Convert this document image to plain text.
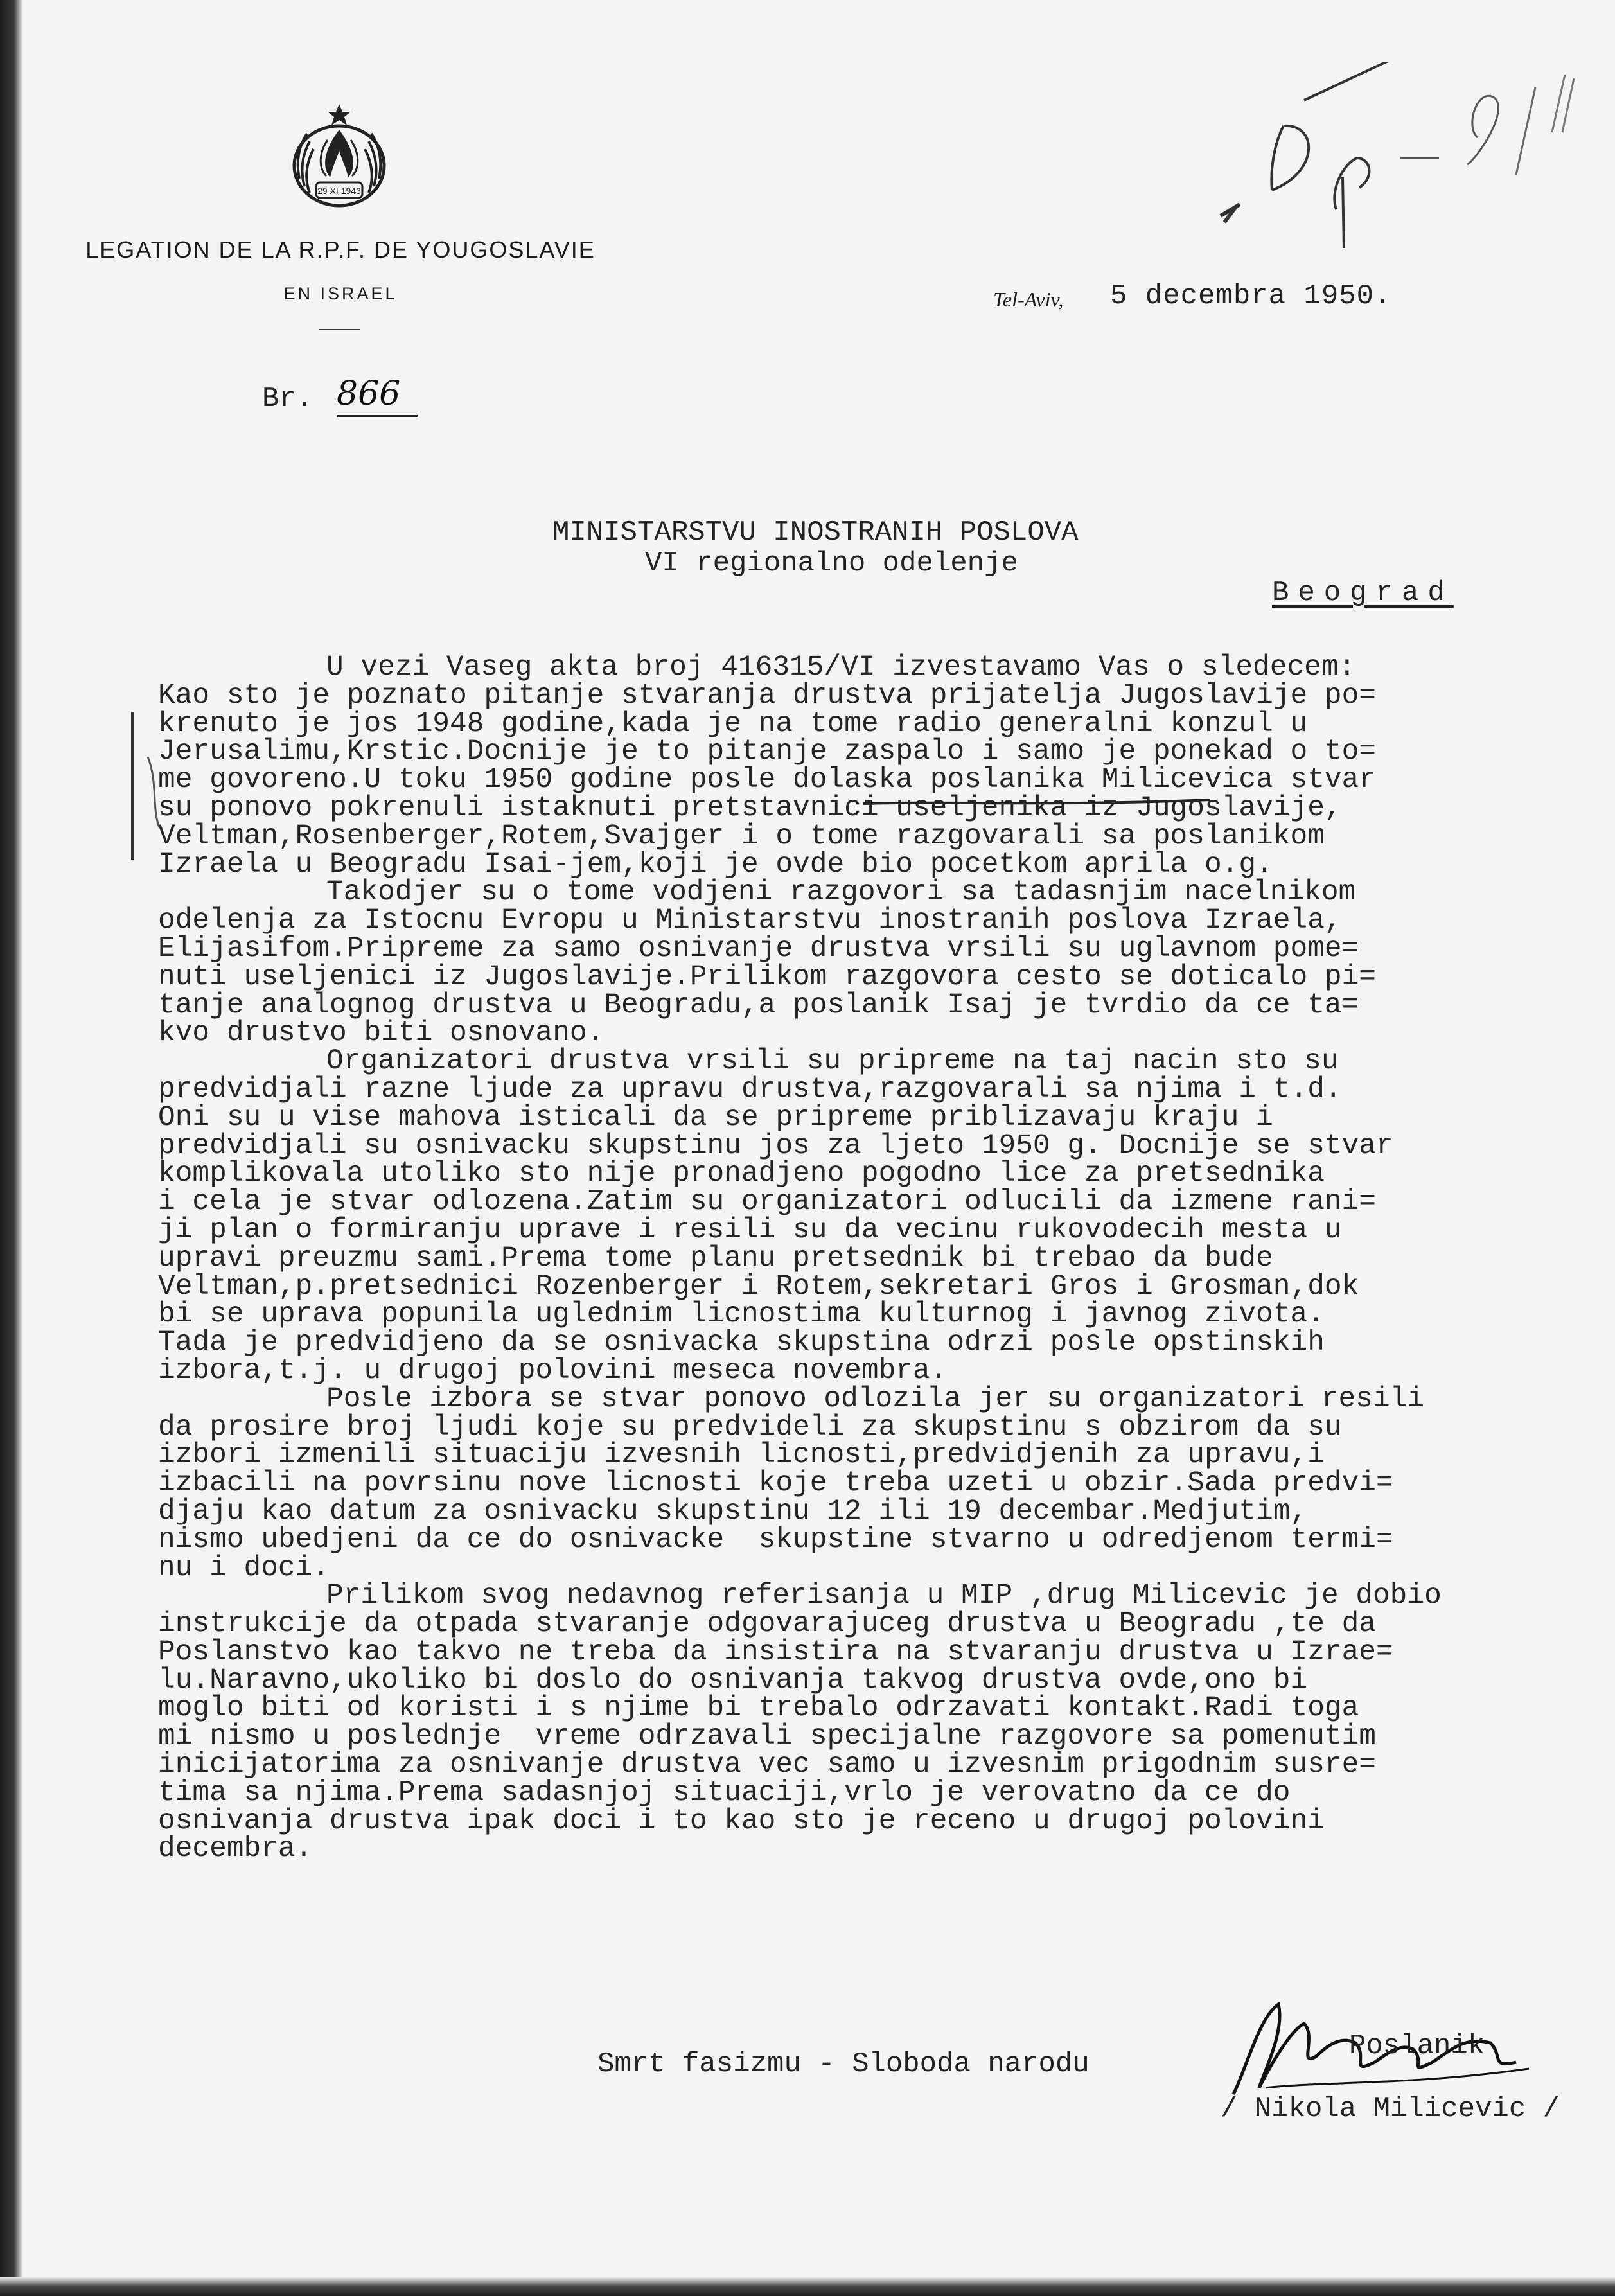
29 XI 1943
LEGATION DE LA R.P.F. DE YOUGOSLAVIE
EN ISRAEL	Tel-Aviv, 5 decembra 1950.
Br. 866
MINISTARSTVU INOSTRANIH POSLOVA
VI regionalno odelenje
Beograd
U vezi Vaseg akta broj 416315/VI izvestavamo Vas o sledecem:
Kao sto je poznato pitanje stvaranja drustva prijatelja Jugoslavije po=
krenuto je jos 1948 godine,kada je na tome radio generalni konzul u
Jerusalimu,Krstic.Docnije je to pitanje zaspalo i samo je ponekad o to=
me govoreno.U toku 1950 godine posle dolaska poslanika Milicevica stvar
su ponovo pokrenuli istaknuti pretstavnici useljenika iz Jugoslavije,
Veltman,Rosenberger,Rotem,Svajger i o tome razgovarali sa poslanikom
Izraela u Beogradu Isai-jem,koji je ovde bio pocetkom aprila o.g.
Takodjer su o tome vodjeni razgovori sa tadasnjim nacelnikom
odelenja za Istocnu Evropu u Ministarstvu inostranih poslova Izraela,
Elijasifom.Pripreme za samo osnivanje drustva vrsili su uglavnom pome=
nuti useljenici iz Jugoslavije.Prilikom razgovora cesto se doticalo pi=
tanje analognog drustva u Beogradu,a poslanik Isaj je tvrdio da ce ta=
kvo drustvo biti osnovano.
Organizatori drustva vrsili su pripreme na taj nacin sto su
predvidjali razne ljude za upravu drustva,razgovarali sa njima i t.d.
Oni su u vise mahova isticali da se pripreme priblizavaju kraju i
predvidjali su osnivacku skupstinu jos za ljeto 1950 g. Docnije se stvar
komplikovala utoliko sto nije pronadjeno pogodno lice za pretsednika
i cela je stvar odlozena.Zatim su organizatori odlucili da izmene rani=
ji plan o formiranju uprave i resili su da vecinu rukovodecih mesta u
upravi preuzmu sami.Prema tome planu pretsednik bi trebao da bude
Veltman,p.pretsednici Rozenberger i Rotem,sekretari Gros i Grosman,dok
bi se uprava popunila uglednim licnostima kulturnog i javnog zivota.
Tada je predvidjeno da se osnivacka skupstina odrzi posle opstinskih
izbora,t.j. u drugoj polovini meseca novembra.
Posle izbora se stvar ponovo odlozila jer su organizatori resili
da prosire broj ljudi koje su predvideli za skupstinu s obzirom da su
izbori izmenili situaciju izvesnih licnosti,predvidjenih za upravu,i
izbacili na povrsinu nove licnosti koje treba uzeti u obzir.Sada predvi=
djaju kao datum za osnivacku skupstinu 12 ili 19 decembar.Medjutim,
nismo ubedjeni da ce do osnivacke  skupstine stvarno u odredjenom termi=
nu i doci.
Prilikom svog nedavnog referisanja u MIP ,drug Milicevic je dobio
instrukcije da otpada stvaranje odgovarajuceg drustva u Beogradu ,te da
Poslanstvo kao takvo ne treba da insistira na stvaranju drustva u Izrae=
lu.Naravno,ukoliko bi doslo do osnivanja takvog drustva ovde,ono bi
moglo biti od koristi i s njime bi trebalo odrzavati kontakt.Radi toga
mi nismo u poslednje  vreme odrzavali specijalne razgovore sa pomenutim
inicijatorima za osnivanje drustva vec samo u izvesnim prigodnim susre=
tima sa njima.Prema sadasnjoj situaciji,vrlo je verovatno da ce do
osnivanja drustva ipak doci i to kao sto je receno u drugoj polovini
decembra.
Smrt fasizmu - Sloboda narodu
Poslanik
/ Nikola Milicevic /
